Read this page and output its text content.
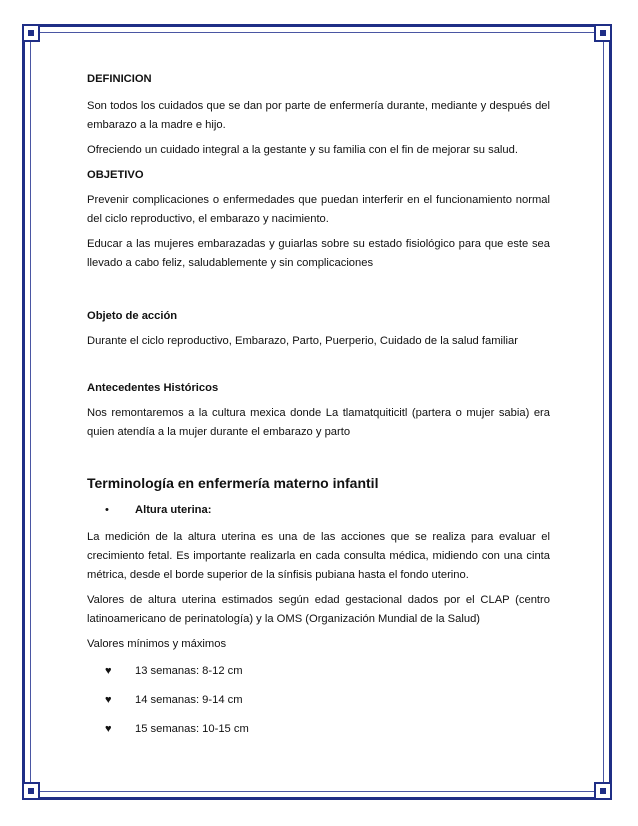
DEFINICION

Son todos los cuidados que se dan por parte de enfermería durante, mediante y después del embarazo a la madre e hijo.

Ofreciendo un cuidado integral a la gestante y su familia con el fin de mejorar su salud.

OBJETIVO

Prevenir complicaciones o enfermedades que puedan interferir en el funcionamiento normal del ciclo reproductivo, el embarazo y nacimiento.

Educar a las mujeres embarazadas y guiarlas sobre su estado fisiológico para que este sea llevado a cabo feliz, saludablemente y sin complicaciones

Objeto de acción

Durante el ciclo reproductivo, Embarazo, Parto, Puerperio, Cuidado de la salud familiar

Antecedentes Históricos

Nos remontaremos a la cultura mexica donde La tlamatquiticitl (partera o mujer sabia) era quien atendía a la mujer durante el embarazo y parto

Terminología en enfermería materno infantil

•	Altura uterina:

La medición de la altura uterina es una de las acciones que se realiza para evaluar el crecimiento fetal. Es importante realizarla en cada consulta médica, midiendo con una cinta métrica, desde el borde superior de la sínfisis pubiana hasta el fondo uterino.

Valores de altura uterina estimados según edad gestacional dados por el CLAP (centro latinoamericano de perinatología) y la OMS (Organización Mundial de la Salud)

Valores mínimos y máximos

♥	13 semanas: 8-12 cm
♥	14 semanas: 9-14 cm
♥	15 semanas: 10-15 cm
